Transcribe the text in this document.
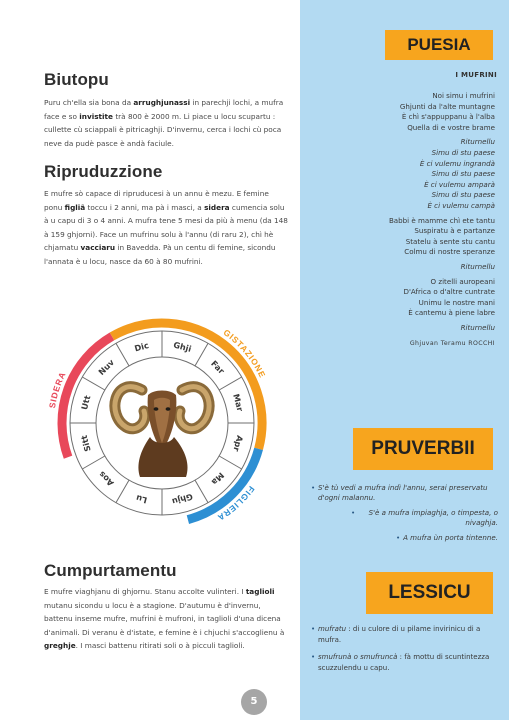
Biutopu
Puru ch'ella sia bona da arrughjunassi in parechji lochi, a mufra face e so invistite trà 800 è 2000 m. Li piace u locu scupartu : cullette cù sciappali è pitricaghji. D'invernu, cerca i lochi cù poca neve da pudè pasce è andà faciule.
Ripruduzzione
E mufre sò capace di ripruducesi à un annu è mezu. E femine ponu figliã toccu i 2 anni, ma pà i masci, a sidera cumencia solu à u capu di 3 o 4 anni. A mufra tene 5 mesi da più à menu (da 148 à 159 ghjorni). Face un mufrinu solu à l'annu (di raru 2), chì hè chjamatu vacciaru in Bavedda. Pà un centu di femine, sicondu l'annata è u locu, nasce da 60 à 80 mufrini.
SIDERA
GISTAZIONE
FIGLIERA
Dic	Ghji
Far
Mar
Apr
Ma
Ghju
Lu
Aos
Sitt
Utt
Nuv
Cumpurtamentu
E mufre viaghjanu di ghjornu. Stanu accolte vulinteri. I taglioli mutanu sicondu u locu è a stagione. D'autumu è d'invernu, battenu inseme mufre, mufrini è mufroni, in taglioli d'una dicena d'animali. Di veranu è d'istate, e femine è i chjuchi s'accoglienu à greghje. I masci battenu ritirati soli o à picculi taglioli.
5
PUESIA
I MUFRINI
Noi simu i mufrini
Ghjunti da l'alte muntagne
È chì s'appuppanu à l'alba
Quella di e vostre brame
Riturnellu
Simu di stu paese
È ci vulemu ingrandà
Simu di stu paese
È ci vulemu amparà
Simu di stu paese
È ci vulemu campà
Babbi è mamme chì ete tantu
Suspiratu à e partanze
Statelu à sente stu cantu
Colmu di nostre speranze
Riturnellu
O zitelli auropeani
D'Africa o d'altre cuntrate
Unimu le nostre mani
È cantemu à piene labre
Riturnellu
Ghjuvan Teramu ROCCHI
PRUVERBII
• S'è tù vedi a mufra indì l'annu, serai preservatu d'ogni malannu.
• S'è a mufra impiaghja, o timpesta, o nivaghja.
• A mufra ùn porta tintenne.
LESSICU
• mufratu : di u culore di u pilame invirinicu di a mufra.
• smufrunà o smufruncà : fà mottu di scuntintezza scuzzulendu u capu.
